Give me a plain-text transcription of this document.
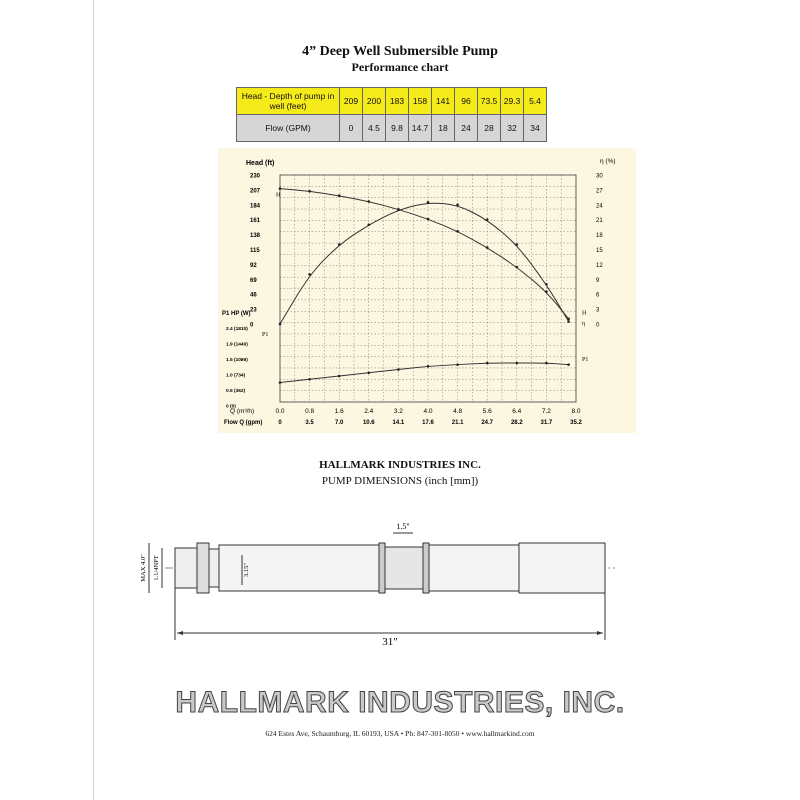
4” Deep Well Submersible Pump
Performance chart
Head - Depth of pump in well (feet)	209	200	183	158	141	96	73.5	29.3	5.4
Flow (GPM)	0	4.5	9.8	14.7	18	24	28	32	34
230
207
184
161
138
115
92
69
46
23
0
30
27
24
21
18
15
12
9
6
3
0
2.4 (1810)
1.9 (1440)
1.5 (1086)
1.0 (734)
0.5 (362)
0 (0)
0.0	0.8	1.6	2.4	3.2	4.0	4.8	5.6	6.4	7.2	8.0
0	3.5	7.0	10.6	14.1	17.6	21.1	24.7	28.2	31.7	35.2
Head (ft)	η (%)
P1 HP (W)
Q (m³/h)
Flow Q (gpm)
H
H
η
P1
P1
HALLMARK INDUSTRIES INC.
PUMP DIMENSIONS (inch [mm])
31"
1.5"
MAX 4.0" 1.1/4NPT	3.15"
HALLMARK INDUSTRIES, INC.
624 Estes Ave, Schaumburg, IL 60193, USA • Ph: 847-301-8050 • www.hallmarkind.com
